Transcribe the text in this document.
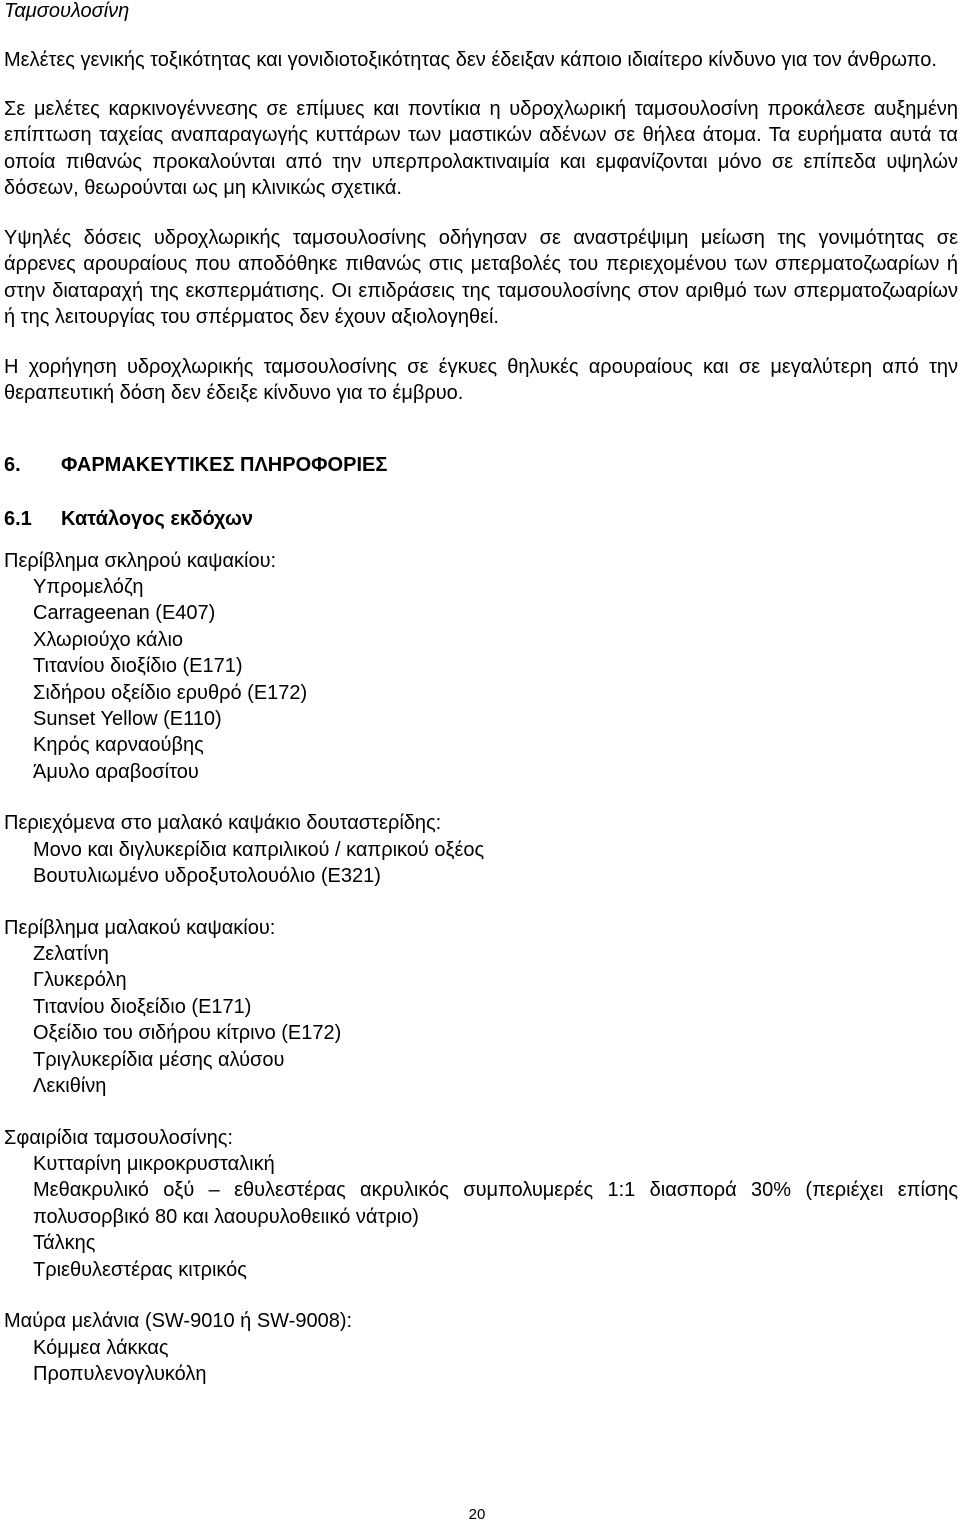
Ταμσουλοσίνη

Μελέτες γενικής τοξικότητας και γονιδιοτοξικότητας δεν έδειξαν κάποιο ιδιαίτερο κίνδυνο για τον άνθρωπο.

Σε μελέτες καρκινογέννεσης σε επίμυες και ποντίκια η υδροχλωρική ταμσουλοσίνη προκάλεσε αυξημένη επίπτωση ταχείας αναπαραγωγής κυττάρων των μαστικών αδένων σε θήλεα άτομα. Τα ευρήματα αυτά τα οποία πιθανώς προκαλούνται από την υπερπρολακτιναιμία και εμφανίζονται μόνο σε επίπεδα υψηλών δόσεων, θεωρούνται ως μη κλινικώς σχετικά.

Υψηλές δόσεις υδροχλωρικής ταμσουλοσίνης οδήγησαν σε αναστρέψιμη μείωση της γονιμότητας σε άρρενες αρουραίους που αποδόθηκε πιθανώς στις μεταβολές του περιεχομένου των σπερματοζωαρίων ή στην διαταραχή της εκσπερμάτισης. Οι επιδράσεις της ταμσουλοσίνης στον αριθμό των σπερματοζωαρίων ή της λειτουργίας του σπέρματος δεν έχουν αξιολογηθεί.

Η χορήγηση υδροχλωρικής ταμσουλοσίνης σε έγκυες θηλυκές αρουραίους και σε μεγαλύτερη από την θεραπευτική δόση δεν έδειξε κίνδυνο για το έμβρυο.

6. ΦΑΡΜΑΚΕΥΤΙΚΕΣ ΠΛΗΡΟΦΟΡΙΕΣ
6.1 Κατάλογος εκδόχων

Περίβλημα σκληρού καψακίου:

Υπρομελόζη
Carrageenan (E407)
Χλωριούχο κάλιο
Τιτανίου διοξίδιο (E171)
Σιδήρου οξείδιο ερυθρό (E172)
Sunset Yellow (E110)
Κηρός καρναούβης
Άμυλο αραβοσίτου

Περιεχόμενα στο μαλακό καψάκιο δουταστερίδης:

Μονο και διγλυκερίδια καπριλικού / καπρικού οξέος
Βουτυλιωμένο υδροξυτολουόλιο (E321)

Περίβλημα μαλακού καψακίου:

Ζελατίνη
Γλυκερόλη
Τιτανίου διοξείδιο (E171)
Οξείδιο του σιδήρου κίτρινο (E172)
Τριγλυκερίδια μέσης αλύσου
Λεκιθίνη

Σφαιρίδια ταμσουλοσίνης:

Κυτταρίνη μικροκρυσταλική
Μεθακρυλικό οξύ – εθυλεστέρας ακρυλικός συμπολυμερές 1:1 διασπορά 30% (περιέχει επίσης πολυσορβικό 80 και λαουρυλοθειικό νάτριο)
Τάλκης
Τριεθυλεστέρας κιτρικός

Μαύρα μελάνια (SW-9010 ή SW-9008):

Κόμμεα λάκκας
Προπυλενογλυκόλη
20
